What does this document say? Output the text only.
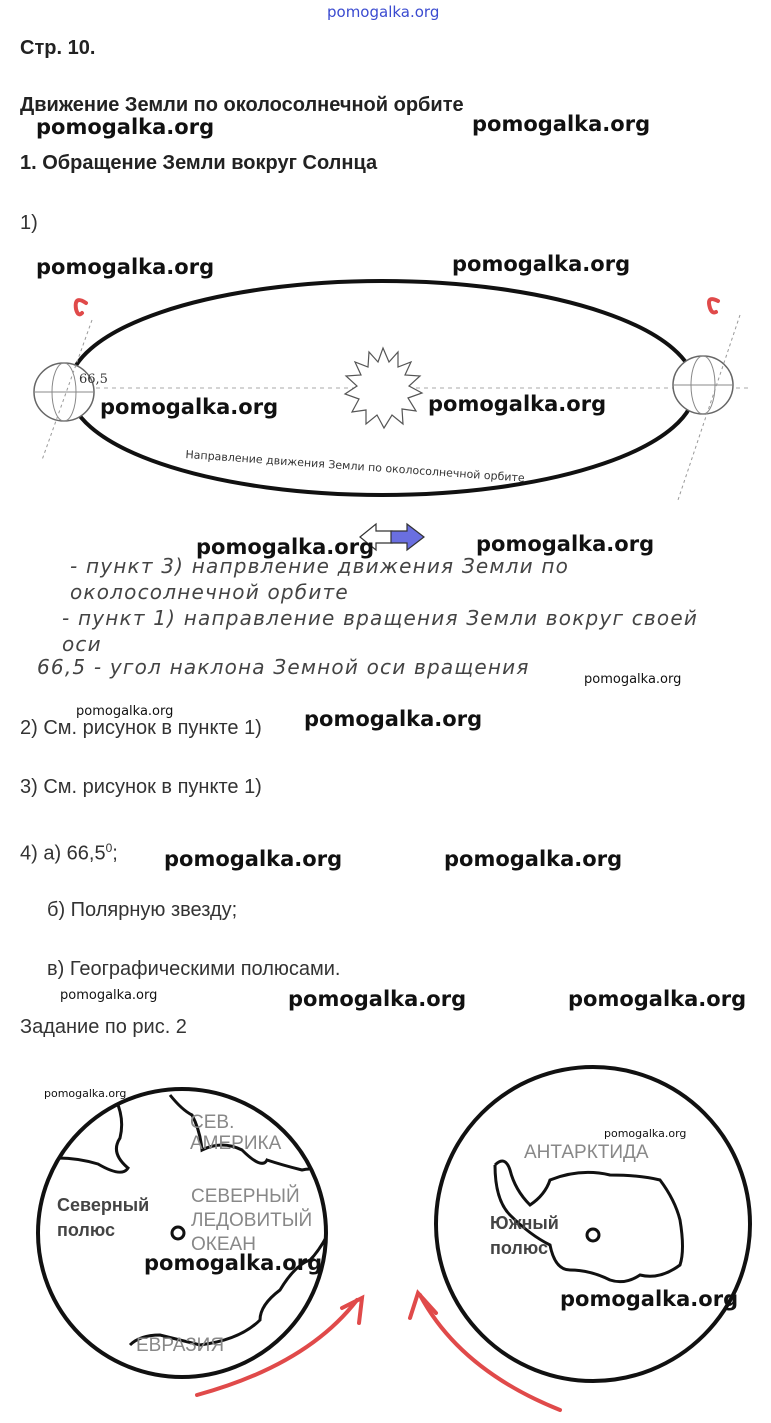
pomogalka.org
Стр. 10.
Движение Земли по околосолнечной орбите
1. Обращение Земли вокруг Солнца
1)
66,5
Направление движения Земли по околосолнечной орбите
- пункт 3) напрвление движения Земли по
околосолнечной орбите
- пункт 1) направление вращения Земли вокруг своей
оси
66,5 - угол наклона Земной оси вращения
2) См. рисунок в пункте 1)
3) См. рисунок в пункте 1)
4) а) 66,5$^0$;
б) Полярную звезду;
в) Географическими полюсами.
Задание по рис. 2
СЕВ.
АМЕРИКА
Северный
полюс
СЕВЕРНЫЙ
ЛЕДОВИТЫЙ
ОКЕАН
ЕВРАЗИЯ
АНТАРКТИДА
Южный
полюс
pomogalka.org	pomogalka.org
pomogalka.org	pomogalka.org
pomogalka.org	pomogalka.org
pomogalka.org	pomogalka.org
pomogalka.org
pomogalka.org	pomogalka.org
pomogalka.org	pomogalka.org
pomogalka.org	pomogalka.org	pomogalka.org
pomogalka.org
pomogalka.org
pomogalka.org
pomogalka.org
